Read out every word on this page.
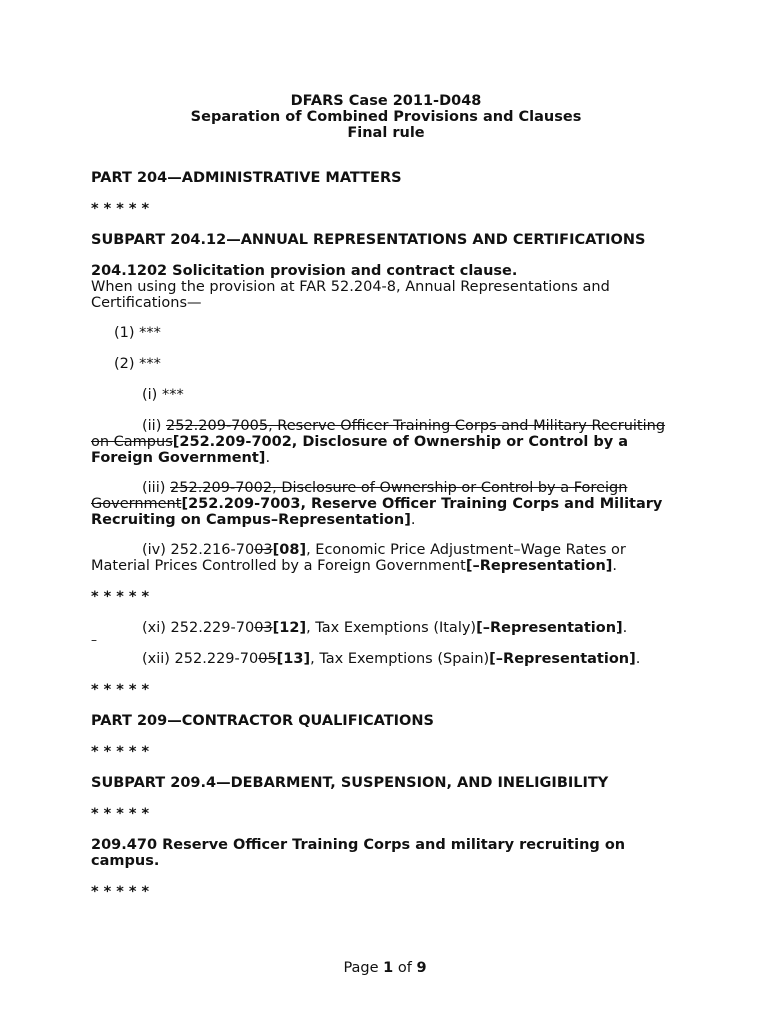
DFARS Case 2011-D048
Separation of Combined Provisions and Clauses
Final rule
PART 204—ADMINISTRATIVE MATTERS
* * * * *
SUBPART 204.12—ANNUAL REPRESENTATIONS AND CERTIFICATIONS
204.1202 Solicitation provision and contract clause.
When using the provision at FAR 52.204-8, Annual Representations and Certifications—
(1) ***
(2) ***
(i) ***
(ii) 252.209-7005, Reserve Officer Training Corps and Military Recruiting on Campus[252.209-7002, Disclosure of Ownership or Control by a Foreign Government].
(iii) 252.209-7002, Disclosure of Ownership or Control by a Foreign Government[252.209-7003, Reserve Officer Training Corps and Military Recruiting on Campus–Representation].
(iv) 252.216-7003[08], Economic Price Adjustment–Wage Rates or Material Prices Controlled by a Foreign Government[–Representation].
* * * * *
(xi) 252.229-7003[12], Tax Exemptions (Italy)[–Representation].
(xii) 252.229-7005[13], Tax Exemptions (Spain)[–Representation].
* * * * *
PART 209—CONTRACTOR QUALIFICATIONS
* * * * *
SUBPART 209.4—DEBARMENT, SUSPENSION, AND INELIGIBILITY
* * * * *
209.470 Reserve Officer Training Corps and military recruiting on campus.
* * * * *
–
Page 1 of 9
